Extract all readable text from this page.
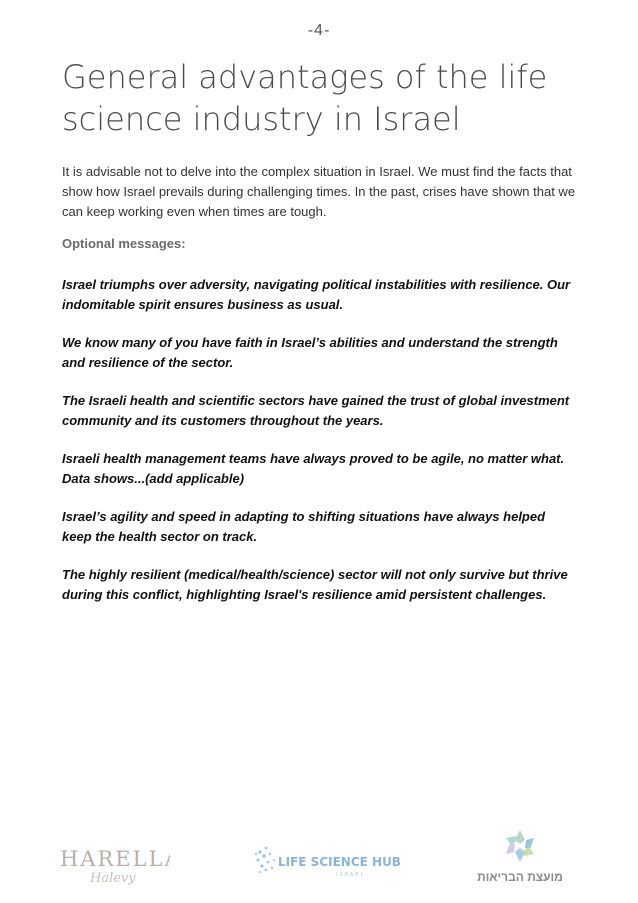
-4-
General advantages of the life science industry in Israel

It is advisable not to delve into the complex situation in Israel. We must find the facts that show how Israel prevails during challenging times. In the past, crises have shown that we can keep working even when times are tough.

Optional messages:
Israel triumphs over adversity, navigating political instabilities with resilience. Our indomitable spirit ensures business as usual.
We know many of you have faith in Israel’s abilities and understand the strength and resilience of the sector.
The Israeli health and scientific sectors have gained the trust of global investment community and its customers throughout the years.
Israeli health management teams have always proved to be agile, no matter what. Data shows...(add applicable)
Israel’s agility and speed in adapting to shifting situations have always helped keep the health sector on track.
The highly resilient (medical/health/science) sector will not only survive but thrive during this conflict, highlighting Israel's resilience amid persistent challenges.
HARELLA
Halevy
LIFE SCIENCE HUB
ISRAEL	מועצת הבריאות
